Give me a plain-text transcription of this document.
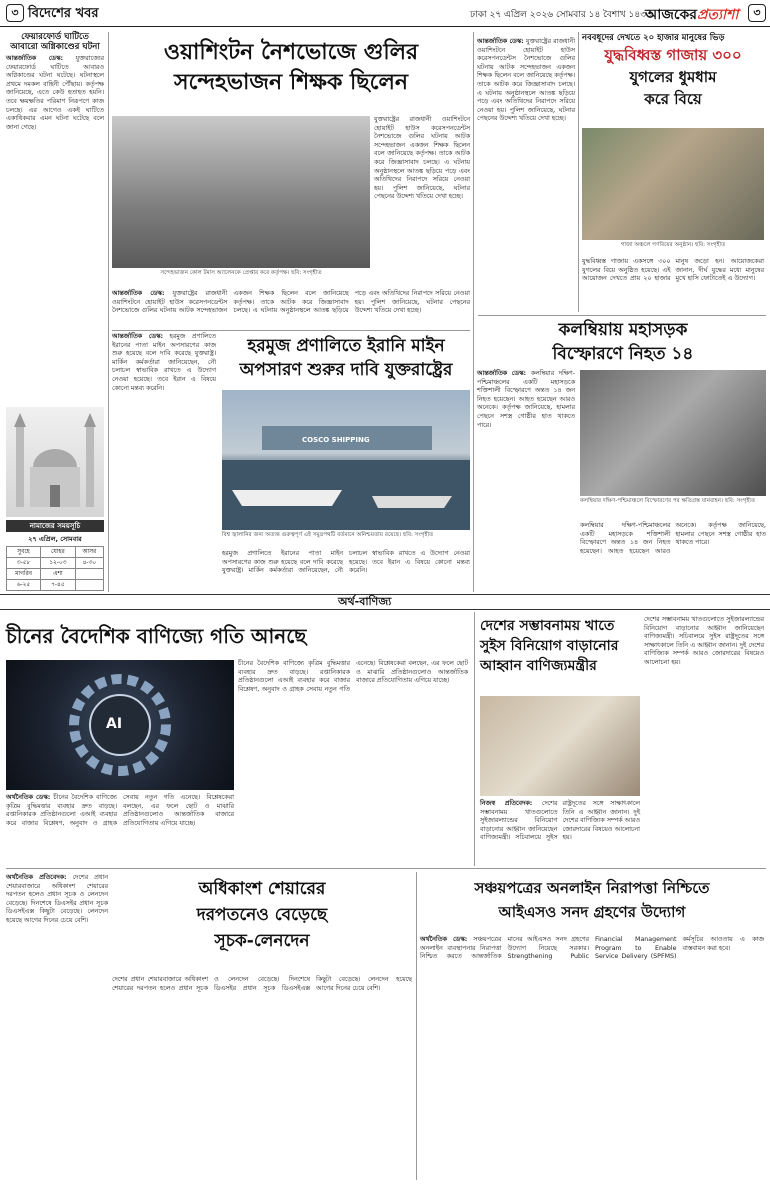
৩ বিদেশের খবর	ঢাকা ২৭ এপ্রিল ২০২৬ সোমবার ১৪ বৈশাখ ১৪৩৩
আজকেরপ্রত্যাশা	৩
ফেয়ারফোর্ড ঘাটিতে আবারো অগ্নিকাণ্ডের ঘটনা
আন্তর্জাতিক ডেস্ক: যুক্তরাজ্যের ফেয়ারফোর্ড ঘাটিতে আবারও অগ্নিকাণ্ডের ঘটনা ঘটেছে। ঘটনাস্থলে প্রথমে দমকল বাহিনী পৌঁছায়। কর্তৃপক্ষ জানিয়েছে, এতে কেউ হতাহত হয়নি। তবে ক্ষয়ক্ষতির পরিমাণ নিরূপণে কাজ চলছে। এর আগেও একই ঘাটিতে একাধিকবার এমন ঘটনা ঘটেছে বলে জানা গেছে।
নামাজের সময়সূচি
২৭ এপ্রিল, সোমবার
সুবহে	যোহর	আসর
৩-৫৮	১২-০৩	৪-৩০
মাগরিব	এশা	
৬-২৫	৭-৪৫	
ওয়াশিংটন নৈশভোজে গুলির
সন্দেহভাজন শিক্ষক ছিলেন
সন্দেহভাজন কোল টমাস অ্যালেনকে প্রেপ্তার করে কর্তৃপক্ষ। ছবি: সংগৃহীত
যুক্তরাষ্ট্রের রাজধানী ওয়াশিংটনে হোয়াইট হাউস করেসপনডেন্টস নৈশভোজে গুলির ঘটনায় আটক সন্দেহভাজন একজন শিক্ষক ছিলেন বলে জানিয়েছে কর্তৃপক্ষ। তাকে আটক করে জিজ্ঞাসাবাদ চলছে। এ ঘটনায় অনুষ্ঠানস্থলে আতঙ্ক ছড়িয়ে পড়ে এবং অতিথিদের নিরাপদে সরিয়ে নেওয়া হয়। পুলিশ জানিয়েছে, ঘটনার পেছনের উদ্দেশ্য খতিয়ে দেখা হচ্ছে।
আন্তর্জাতিক ডেস্ক: যুক্তরাষ্ট্রের রাজধানী ওয়াশিংটনে হোয়াইট হাউস করেসপনডেন্টস নৈশভোজে গুলির ঘটনায় আটক সন্দেহভাজন একজন শিক্ষক ছিলেন বলে জানিয়েছে কর্তৃপক্ষ। তাকে আটক করে জিজ্ঞাসাবাদ চলছে। এ ঘটনায় অনুষ্ঠানস্থলে আতঙ্ক ছড়িয়ে পড়ে এবং অতিথিদের নিরাপদে সরিয়ে নেওয়া হয়। পুলিশ জানিয়েছে, ঘটনার পেছনের উদ্দেশ্য খতিয়ে দেখা হচ্ছে।
আন্তর্জাতিক ডেস্ক: হরমুজ প্রণালিতে ইরানের পাতা মাইন অপসারণের কাজ শুরু হয়েছে বলে দাবি করেছে যুক্তরাষ্ট্র। মার্কিন কর্মকর্তারা জানিয়েছেন, নৌ চলাচল স্বাভাবিক রাখতে এ উদ্যোগ নেওয়া হয়েছে। তবে ইরান এ বিষয়ে কোনো মন্তব্য করেনি।
হরমুজ প্রণালিতে ইরানি মাইন
অপসারণ শুরুর দাবি যুক্তরাষ্ট্রের
COSCO SHIPPING
বিশ্ব জ্বালানির জন্য অত্যন্ত গুরুত্বপূর্ণ এই সমুদ্রপথটি বর্তমানে অনিশ্চয়তায় রয়েছে। ছবি: সংগৃহীত
হরমুজ প্রণালিতে ইরানের পাতা মাইন অপসারণের কাজ শুরু হয়েছে বলে দাবি করেছে যুক্তরাষ্ট্র। মার্কিন কর্মকর্তারা জানিয়েছেন, নৌ চলাচল স্বাভাবিক রাখতে এ উদ্যোগ নেওয়া হয়েছে। তবে ইরান এ বিষয়ে কোনো মন্তব্য করেনি।
আন্তর্জাতিক ডেস্ক: যুক্তরাষ্ট্রের রাজধানী ওয়াশিংটনে হোয়াইট হাউস করেসপনডেন্টস নৈশভোজে গুলির ঘটনায় আটক সন্দেহভাজন একজন শিক্ষক ছিলেন বলে জানিয়েছে কর্তৃপক্ষ। তাকে আটক করে জিজ্ঞাসাবাদ চলছে। এ ঘটনায় অনুষ্ঠানস্থলে আতঙ্ক ছড়িয়ে পড়ে এবং অতিথিদের নিরাপদে সরিয়ে নেওয়া হয়। পুলিশ জানিয়েছে, ঘটনার পেছনের উদ্দেশ্য খতিয়ে দেখা হচ্ছে।
নববধূদের দেখতে ২০ হাজার মানুষের ভিড়
যুদ্ধবিধ্বস্ত গাজায় ৩০০
যুগলের ধুমধাম
করে বিয়ে
গাজা অঞ্চলে গণবিয়ের অনুষ্ঠান। ছবি: সংগৃহীত
যুদ্ধবিধ্বস্ত গাজায় একসঙ্গে ৩০০ যুগলের বিয়ে অনুষ্ঠিত হয়েছে। এই আয়োজন দেখতে প্রায় ২০ হাজার মানুষ জড়ো হন। আয়োজকেরা জানান, দীর্ঘ যুদ্ধের মধ্যে মানুষের মুখে হাসি ফোটাতেই এ উদ্যোগ।
কলম্বিয়ায় মহাসড়ক
বিস্ফোরণে নিহত ১৪
আন্তর্জাতিক ডেস্ক: কলম্বিয়ার দক্ষিণ-পশ্চিমাঞ্চলের একটি মহাসড়কে শক্তিশালী বিস্ফোরণে অন্তত ১৪ জন নিহত হয়েছেন। আহত হয়েছেন আরও অনেকে। কর্তৃপক্ষ জানিয়েছে, হামলার পেছনে সশস্ত্র গোষ্ঠীর হাত থাকতে পারে।
কলম্বিয়ার দক্ষিণ-পশ্চিমাঞ্চলে বিস্ফোরণের পর ক্ষতিগ্রস্ত যানবাহন। ছবি: সংগৃহীত
কলম্বিয়ার দক্ষিণ-পশ্চিমাঞ্চলের একটি মহাসড়কে শক্তিশালী বিস্ফোরণে অন্তত ১৪ জন নিহত হয়েছেন। আহত হয়েছেন আরও অনেকে। কর্তৃপক্ষ জানিয়েছে, হামলার পেছনে সশস্ত্র গোষ্ঠীর হাত থাকতে পারে।
অর্থ-বাণিজ্য
চীনের বৈদেশিক বাণিজ্যে গতি আনছে
AI
চীনের বৈদেশিক বাণিজ্যে কৃত্রিম বুদ্ধিমত্তার ব্যবহার দ্রুত বাড়ছে। রপ্তানিকারক প্রতিষ্ঠানগুলো এআই ব্যবহার করে বাজার বিশ্লেষণ, অনুবাদ ও গ্রাহক সেবায় নতুন গতি এনেছে। বিশ্লেষকেরা বলছেন, এর ফলে ছোট ও মাঝারি প্রতিষ্ঠানগুলোও আন্তর্জাতিক বাজারে প্রতিযোগিতায় এগিয়ে যাচ্ছে।
অর্থনৈতিক ডেস্ক: চীনের বৈদেশিক বাণিজ্যে কৃত্রিম বুদ্ধিমত্তার ব্যবহার দ্রুত বাড়ছে। রপ্তানিকারক প্রতিষ্ঠানগুলো এআই ব্যবহার করে বাজার বিশ্লেষণ, অনুবাদ ও গ্রাহক সেবায় নতুন গতি এনেছে। বিশ্লেষকেরা বলছেন, এর ফলে ছোট ও মাঝারি প্রতিষ্ঠানগুলোও আন্তর্জাতিক বাজারে প্রতিযোগিতায় এগিয়ে যাচ্ছে।
দেশের সম্ভাবনাময় খাতে
সুইস বিনিয়োগ বাড়ানোর
আহ্বান বাণিজ্যমন্ত্রীর
নিজস্ব প্রতিবেদক: দেশের সম্ভাবনাময় খাতগুলোতে সুইজারল্যান্ডের বিনিয়োগ বাড়ানোর আহ্বান জানিয়েছেন বাণিজ্যমন্ত্রী। সচিবালয়ে সুইস রাষ্ট্রদূতের সঙ্গে সাক্ষাৎকালে তিনি এ আহ্বান জানান। দুই দেশের বাণিজ্যিক সম্পর্ক আরও জোরদারের বিষয়েও আলোচনা হয়।
দেশের সম্ভাবনাময় খাতগুলোতে সুইজারল্যান্ডের বিনিয়োগ বাড়ানোর আহ্বান জানিয়েছেন বাণিজ্যমন্ত্রী। সচিবালয়ে সুইস রাষ্ট্রদূতের সঙ্গে সাক্ষাৎকালে তিনি এ আহ্বান জানান। দুই দেশের বাণিজ্যিক সম্পর্ক আরও জোরদারের বিষয়েও আলোচনা হয়।
অর্থনৈতিক প্রতিবেদক: দেশের প্রধান শেয়ারবাজারে অধিকাংশ শেয়ারের দরপতন হলেও প্রধান সূচক ও লেনদেন বেড়েছে। দিনশেষে ডিএসইর প্রধান সূচক ডিএসইএক্স কিছুটা বেড়েছে। লেনদেন হয়েছে আগের দিনের চেয়ে বেশি।
অধিকাংশ শেয়ারের
দরপতনেও বেড়েছে
সূচক-লেনদেন
দেশের প্রধান শেয়ারবাজারে অধিকাংশ শেয়ারের দরপতন হলেও প্রধান সূচক ও লেনদেন বেড়েছে। দিনশেষে ডিএসইর প্রধান সূচক ডিএসইএক্স কিছুটা বেড়েছে। লেনদেন হয়েছে আগের দিনের চেয়ে বেশি।
সঞ্চয়পত্রের অনলাইন নিরাপত্তা নিশ্চিতে
আইএসও সনদ গ্রহণের উদ্যোগ
অর্থনৈতিক ডেস্ক: সঞ্চয়পত্রের অনলাইন ব্যবস্থাপনার নিরাপত্তা নিশ্চিত করতে আন্তর্জাতিক মানের আইএসও সনদ গ্রহণের উদ্যোগ নিয়েছে সরকার। Strengthening Public Financial Management Program to Enable Service Delivery (SPFMS) কর্মসূচির আওতায় এ কাজ বাস্তবায়ন করা হবে।
